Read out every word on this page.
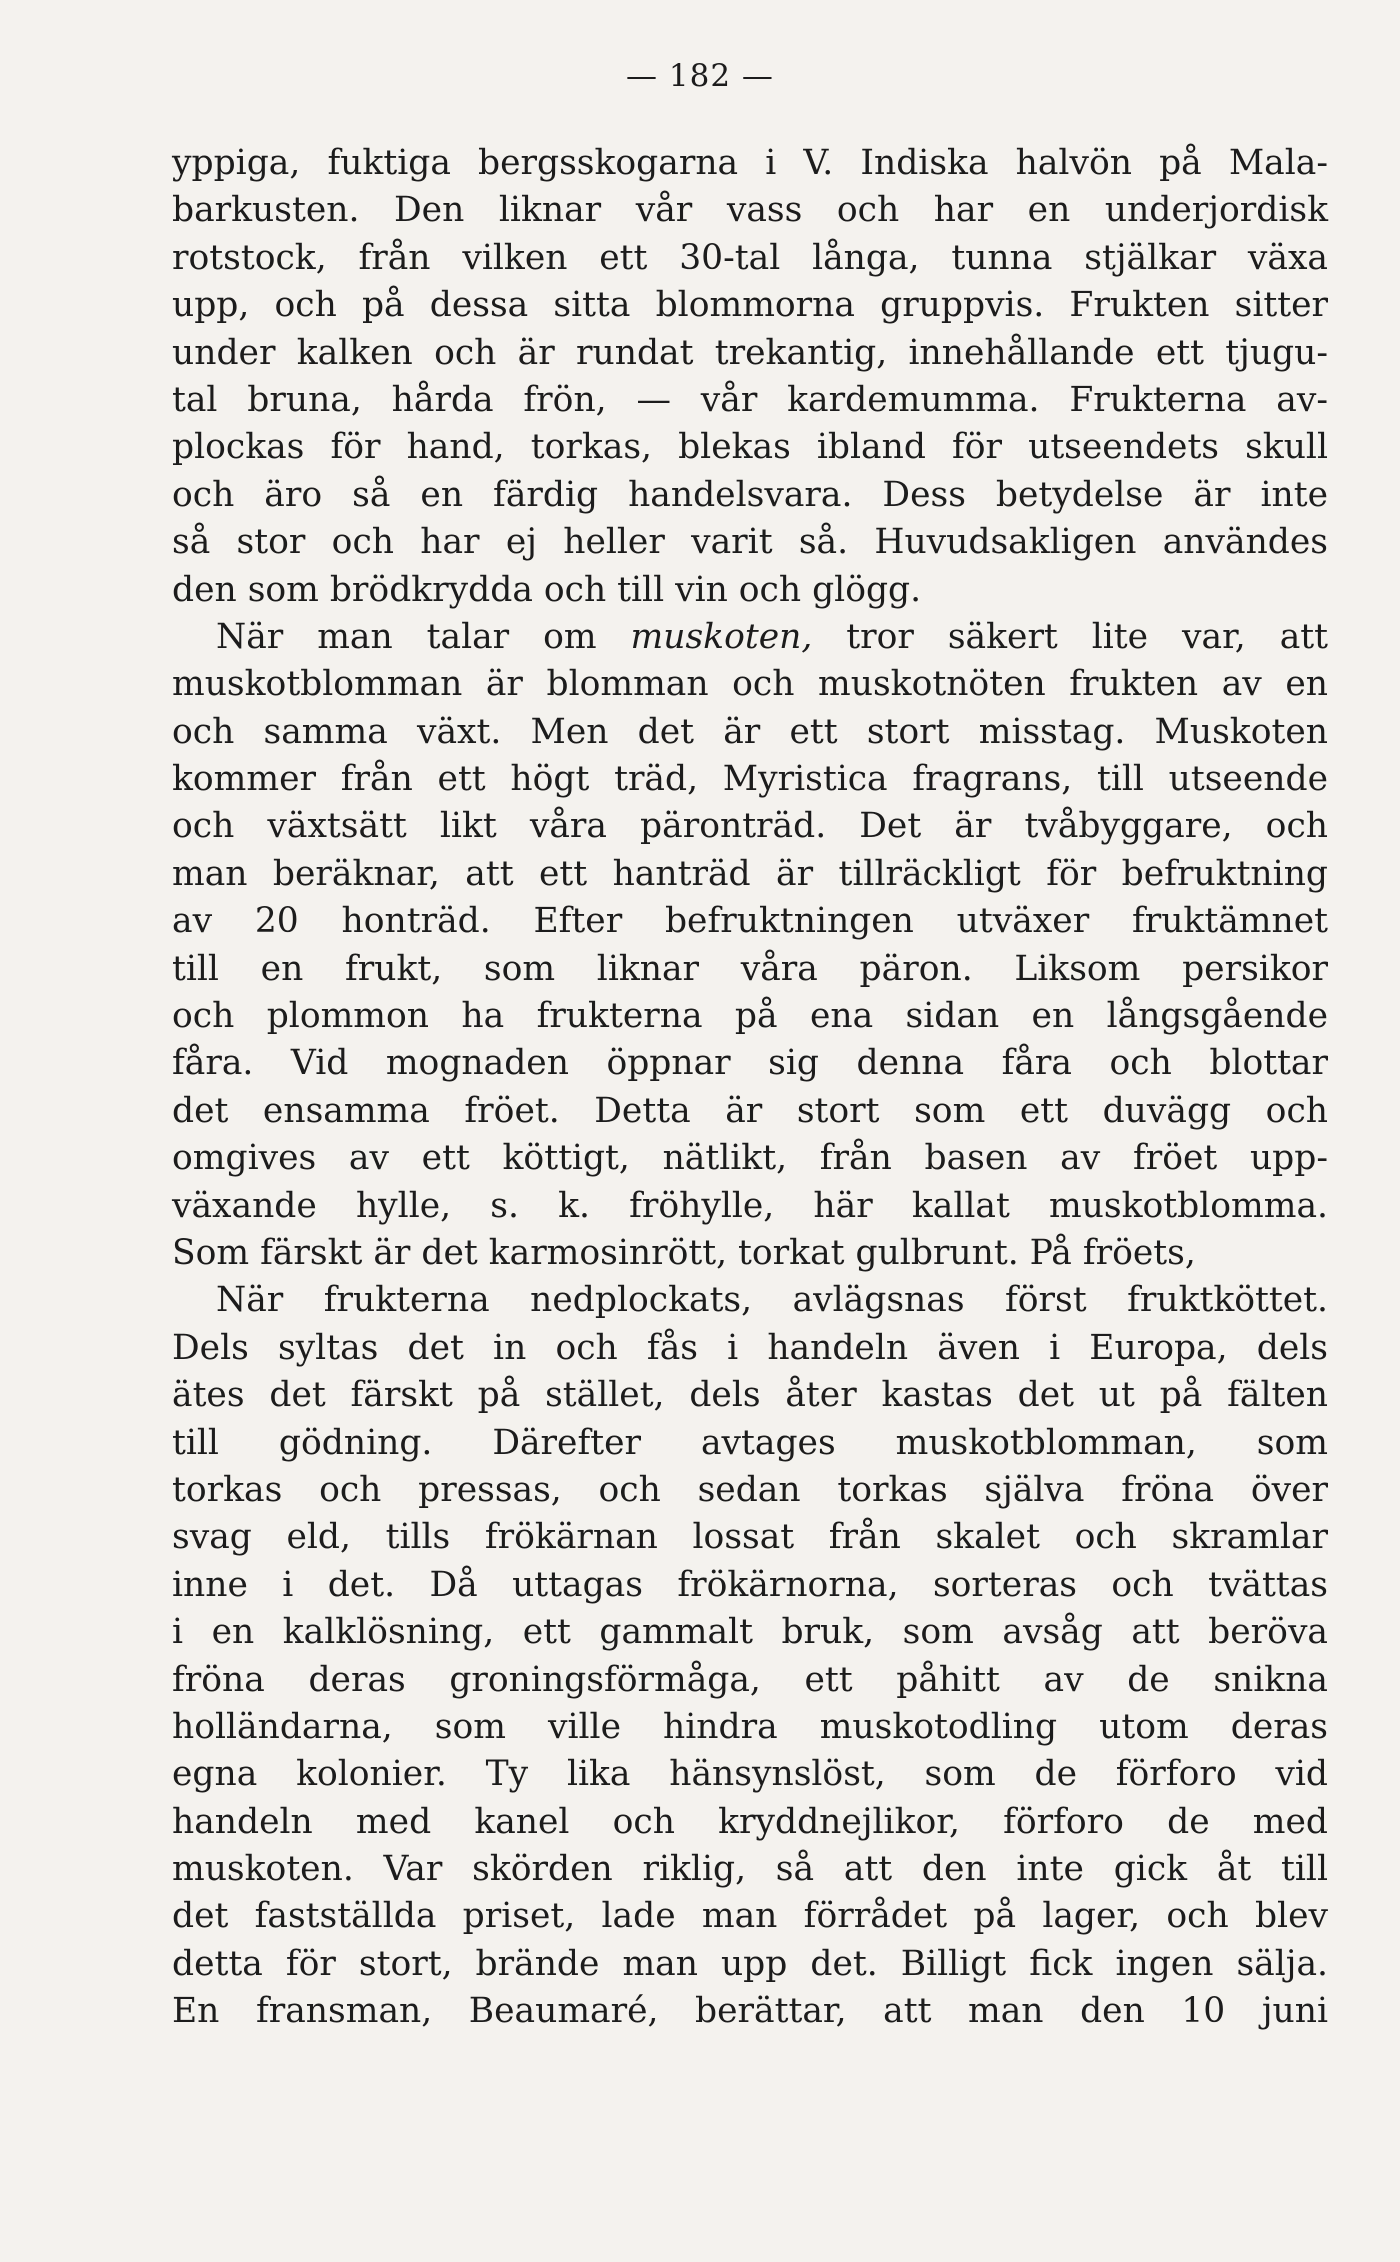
— 182 —
yppiga, fuktiga bergsskogarna i V. Indiska halvön på Mala-
barkusten. Den liknar vår vass och har en underjordisk
rotstock, från vilken ett 30-tal långa, tunna stjälkar växa
upp, och på dessa sitta blommorna gruppvis. Frukten sitter
under kalken och är rundat trekantig, innehållande ett tjugu-
tal bruna, hårda frön, — vår kardemumma. Frukterna av-
plockas för hand, torkas, blekas ibland för utseendets skull
och äro så en färdig handelsvara. Dess betydelse är inte
så stor och har ej heller varit så. Huvudsakligen användes
den som brödkrydda och till vin och glögg.
När man talar om muskoten, tror säkert lite var, att
muskotblomman är blomman och muskotnöten frukten av en
och samma växt. Men det är ett stort misstag. Muskoten
kommer från ett högt träd, Myristica fragrans, till utseende
och växtsätt likt våra päronträd. Det är tvåbyggare, och
man beräknar, att ett hanträd är tillräckligt för befruktning
av 20 honträd. Efter befruktningen utväxer fruktämnet
till en frukt, som liknar våra päron. Liksom persikor
och plommon ha frukterna på ena sidan en långsgående
fåra. Vid mognaden öppnar sig denna fåra och blottar
det ensamma fröet. Detta är stort som ett duvägg och
omgives av ett köttigt, nätlikt, från basen av fröet upp-
växande hylle, s. k. fröhylle, här kallat muskotblomma.
Som färskt är det karmosinrött, torkat gulbrunt. På fröets,
När frukterna nedplockats, avlägsnas först fruktköttet.
Dels syltas det in och fås i handeln även i Europa, dels
ätes det färskt på stället, dels åter kastas det ut på fälten
till gödning. Därefter avtages muskotblomman, som
torkas och pressas, och sedan torkas själva fröna över
svag eld, tills frökärnan lossat från skalet och skramlar
inne i det. Då uttagas frökärnorna, sorteras och tvättas
i en kalklösning, ett gammalt bruk, som avsåg att beröva
fröna deras groningsförmåga, ett påhitt av de snikna
holländarna, som ville hindra muskotodling utom deras
egna kolonier. Ty lika hänsynslöst, som de förforo vid
handeln med kanel och kryddnejlikor, förforo de med
muskoten. Var skörden riklig, så att den inte gick åt till
det fastställda priset, lade man förrådet på lager, och blev
detta för stort, brände man upp det. Billigt fick ingen sälja.
En fransman, Beaumaré, berättar, att man den 10 juni
